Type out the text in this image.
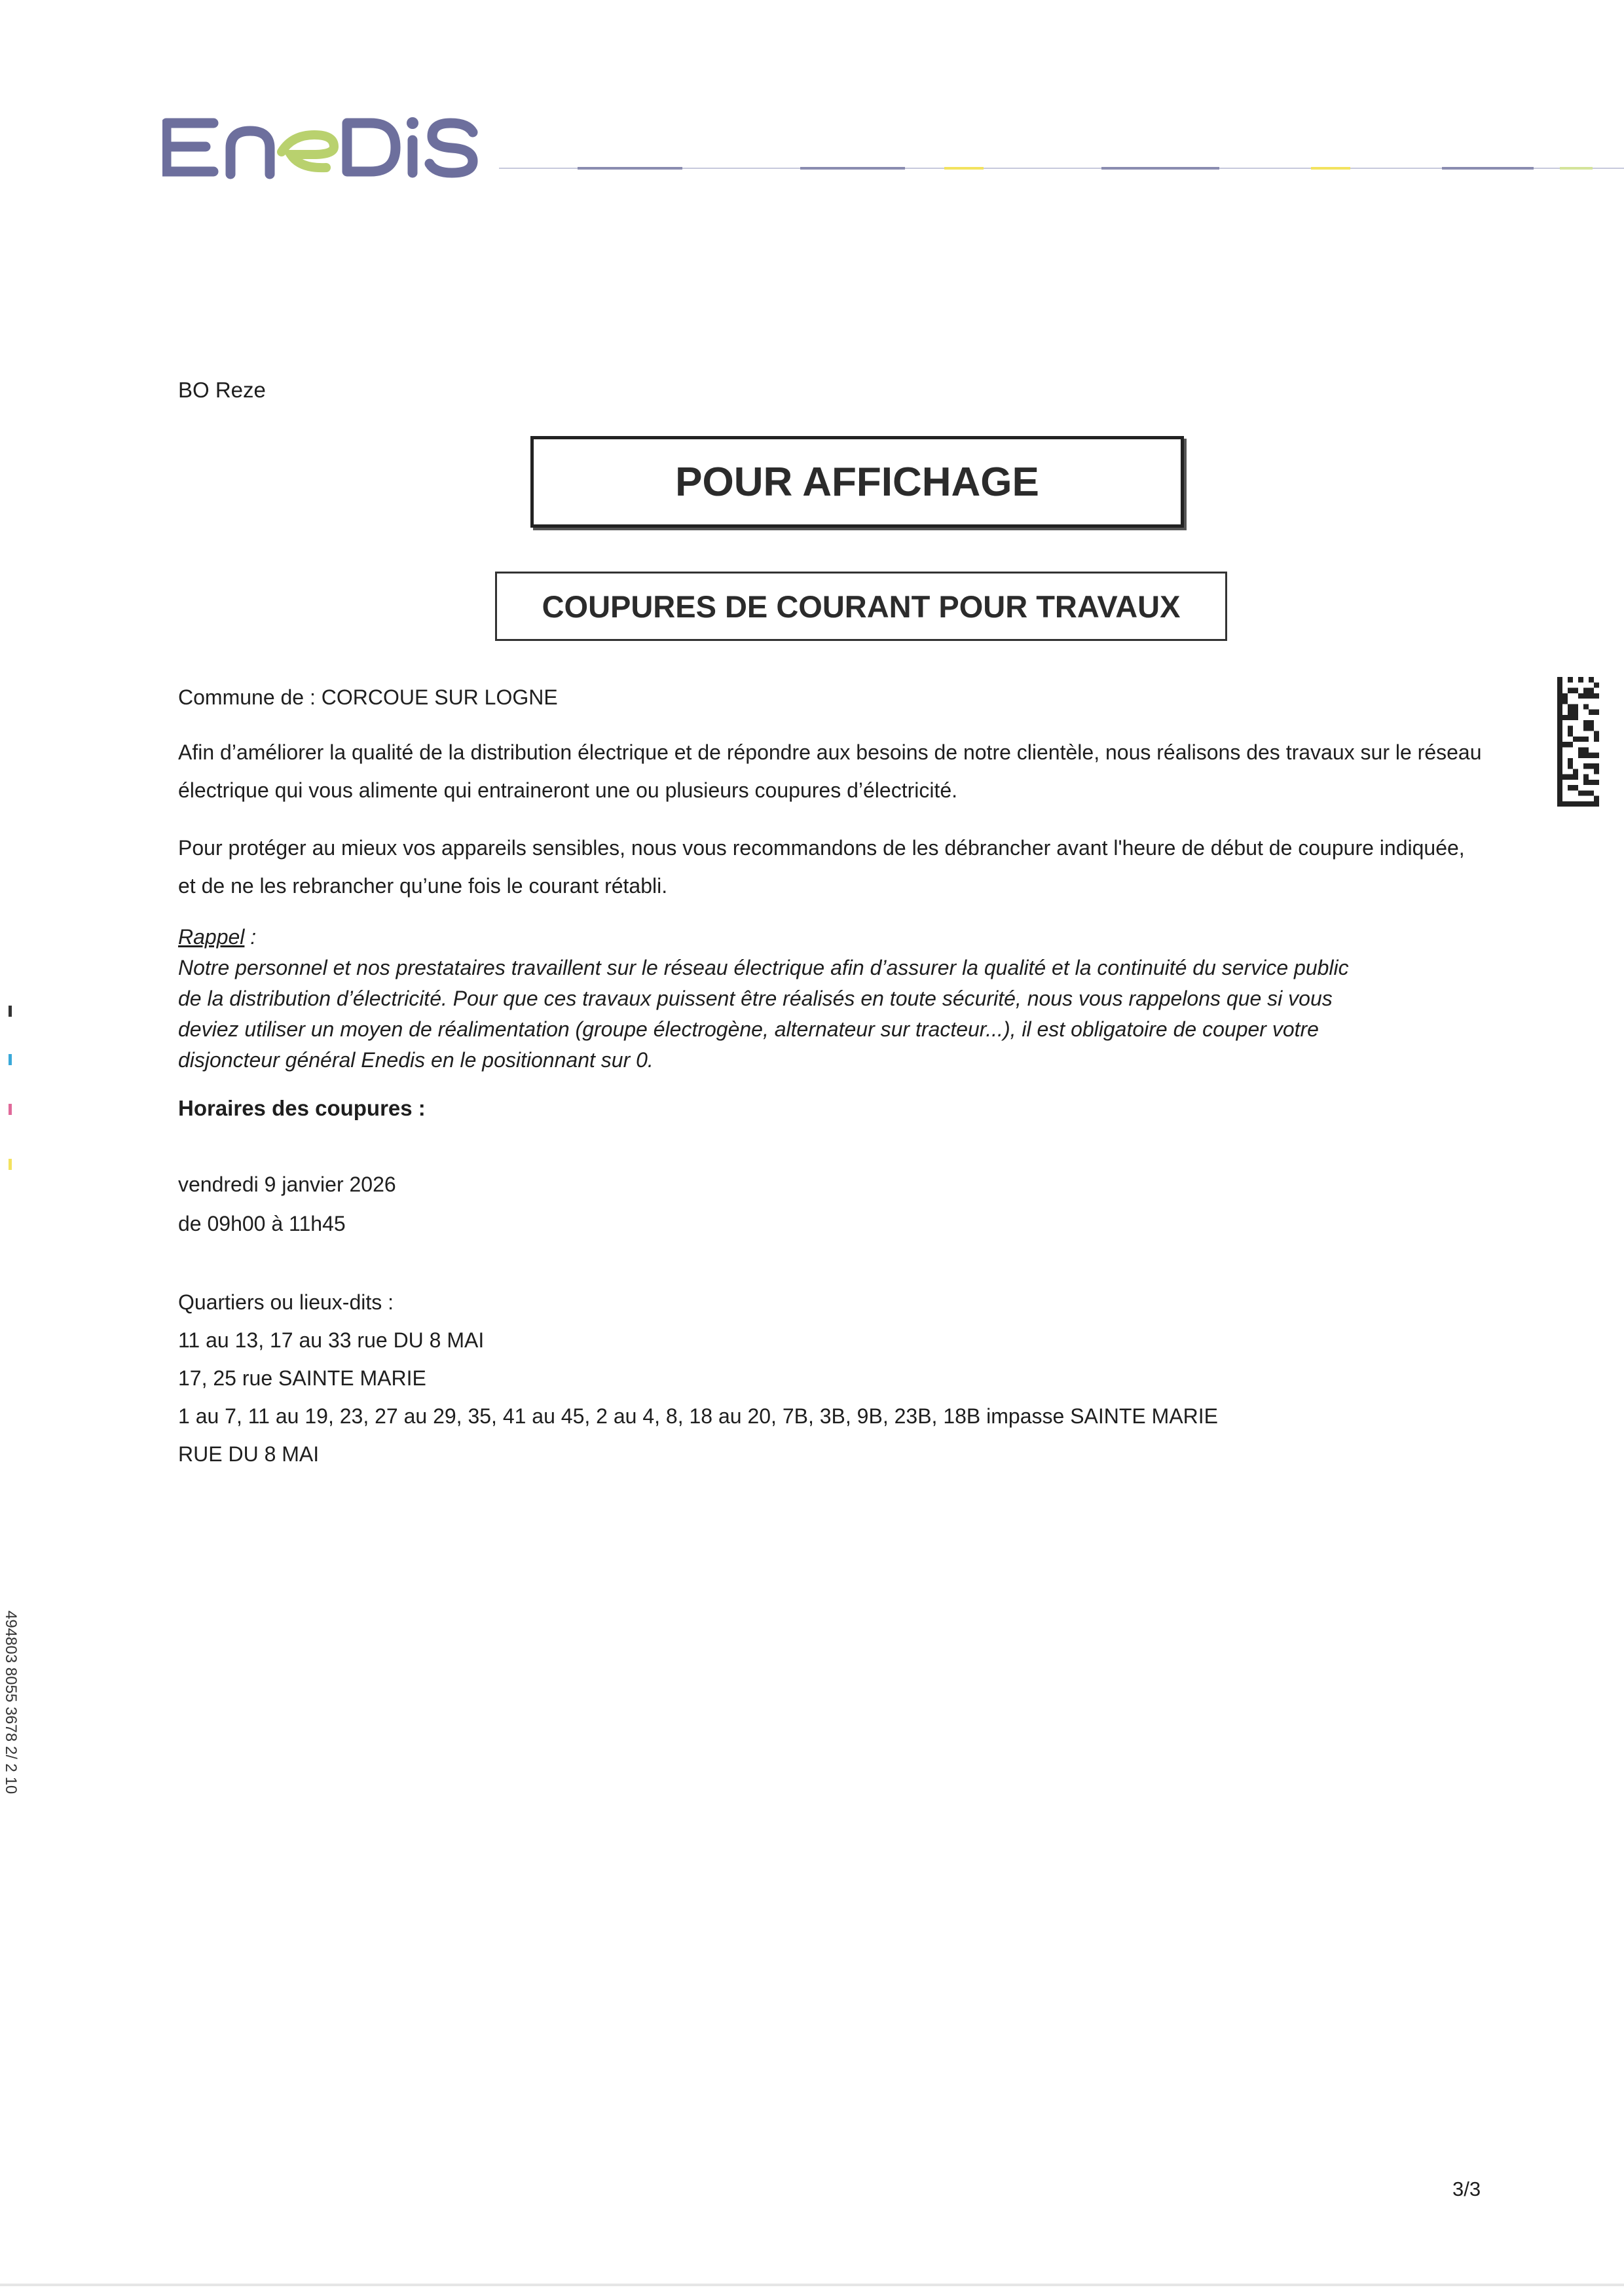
BO Reze
POUR AFFICHAGE
COUPURES DE COURANT POUR TRAVAUX
Commune de : CORCOUE SUR LOGNE
Afin d’améliorer la qualité de la distribution électrique et de répondre aux besoins de notre clientèle, nous réalisons des travaux sur le réseau électrique qui vous alimente qui entraineront une ou plusieurs coupures d’électricité.
Pour protéger au mieux vos appareils sensibles, nous vous recommandons de les débrancher avant l'heure de début de coupure indiquée, et de ne les rebrancher qu’une fois le courant rétabli.
Rappel :
Notre personnel et nos prestataires travaillent sur le réseau électrique afin d’assurer la qualité et la continuité du service public
de la distribution d’électricité. Pour que ces travaux puissent être réalisés en toute sécurité, nous vous rappelons que si vous
deviez utiliser un moyen de réalimentation (groupe électrogène, alternateur sur tracteur...), il est obligatoire de couper votre
disjoncteur général Enedis en le positionnant sur 0.
Horaires des coupures :
vendredi 9 janvier 2026
de 09h00 à 11h45
Quartiers ou lieux-dits :
11 au 13, 17 au 33 rue DU 8 MAI
17, 25 rue SAINTE MARIE
1 au 7, 11 au 19, 23, 27 au 29, 35, 41 au 45, 2 au 4, 8, 18 au 20, 7B, 3B, 9B, 23B, 18B impasse SAINTE MARIE
RUE DU 8 MAI
494803 8055 3678 2/ 2 10
3/3
